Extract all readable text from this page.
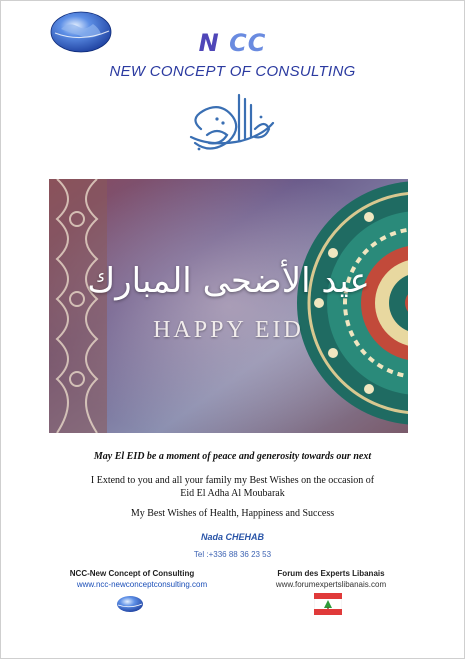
N CC
NEW CONCEPT OF CONSULTING
عيد الأضحى المبارك
HAPPY EID
May El EID be a moment of peace and generosity towards our next
I Extend to you and all your family my Best Wishes on the occasion of
Eid El Adha Al Moubarak
My Best Wishes of Health, Happiness and Success
Nada CHEHAB
Tel :+336 88 36 23 53
NCC-New Concept of Consulting
www.ncc-newconceptconsulting.com
Forum des Experts Libanais
www.forumexpertslibanais.com
